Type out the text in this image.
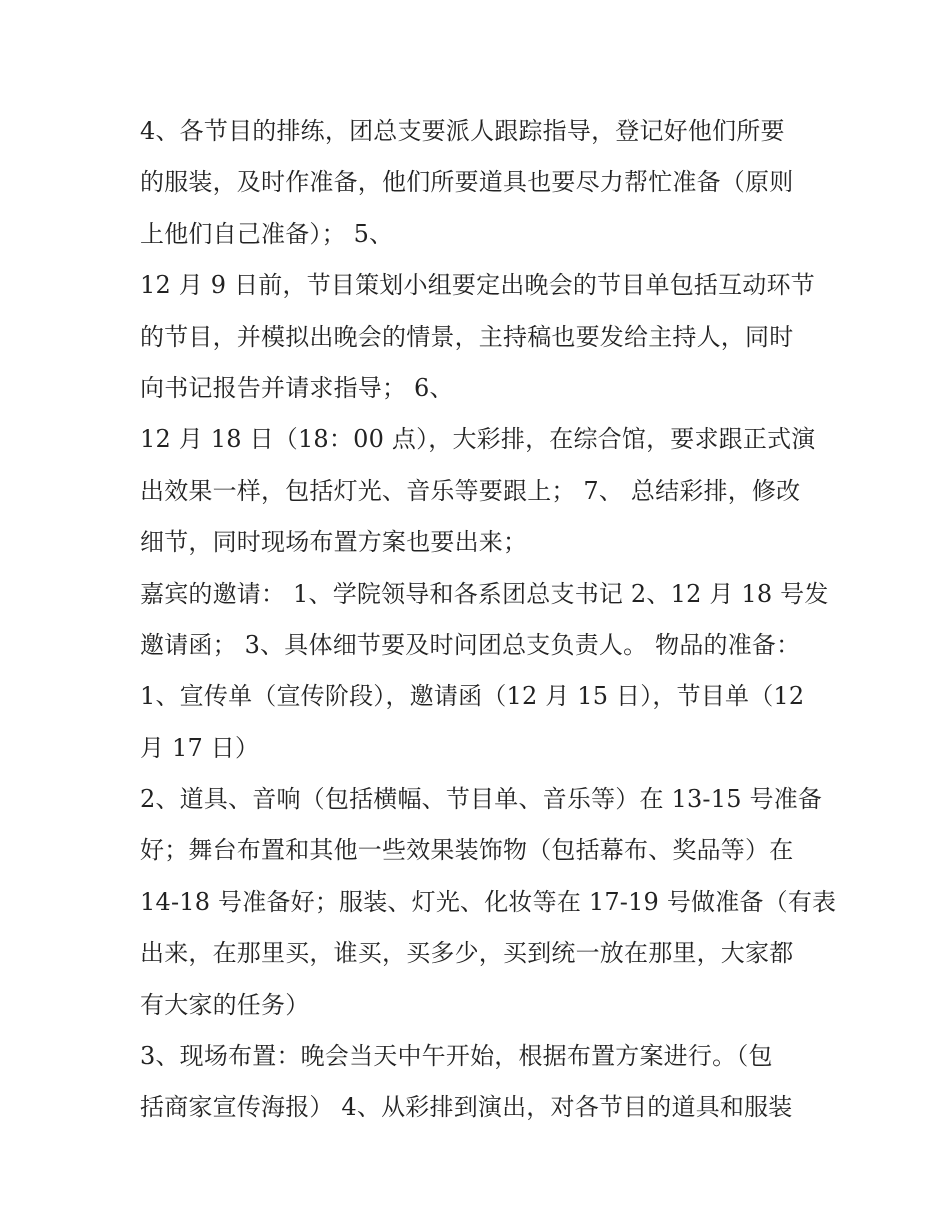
4、各节目的排练，团总支要派人跟踪指导，登记好他们所要
的服装，及时作准备，他们所要道具也要尽力帮忙准备（原则
上他们自己准备）； 5、
12 月 9 日前，节目策划小组要定出晚会的节目单包括互动环节
的节目，并模拟出晚会的情景，主持稿也要发给主持人，同时
向书记报告并请求指导； 6、
12 月 18 日（18：00 点），大彩排，在综合馆，要求跟正式演
出效果一样，包括灯光、音乐等要跟上； 7、 总结彩排，修改
细节，同时现场布置方案也要出来；
嘉宾的邀请： 1、学院领导和各系团总支书记 2、12 月 18 号发
邀请函； 3、具体细节要及时问团总支负责人。 物品的准备：
1、宣传单（宣传阶段），邀请函（12 月 15 日），节目单（12
月 17 日）
2、道具、音响（包括横幅、节目单、音乐等）在 13-15 号准备
好；舞台布置和其他一些效果装饰物（包括幕布、奖品等）在
14-18 号准备好；服装、灯光、化妆等在 17-19 号做准备（有表
出来，在那里买，谁买，买多少，买到统一放在那里，大家都
有大家的任务）
3、现场布置：晚会当天中午开始，根据布置方案进行。（包
括商家宣传海报） 4、从彩排到演出，对各节目的道具和服装
